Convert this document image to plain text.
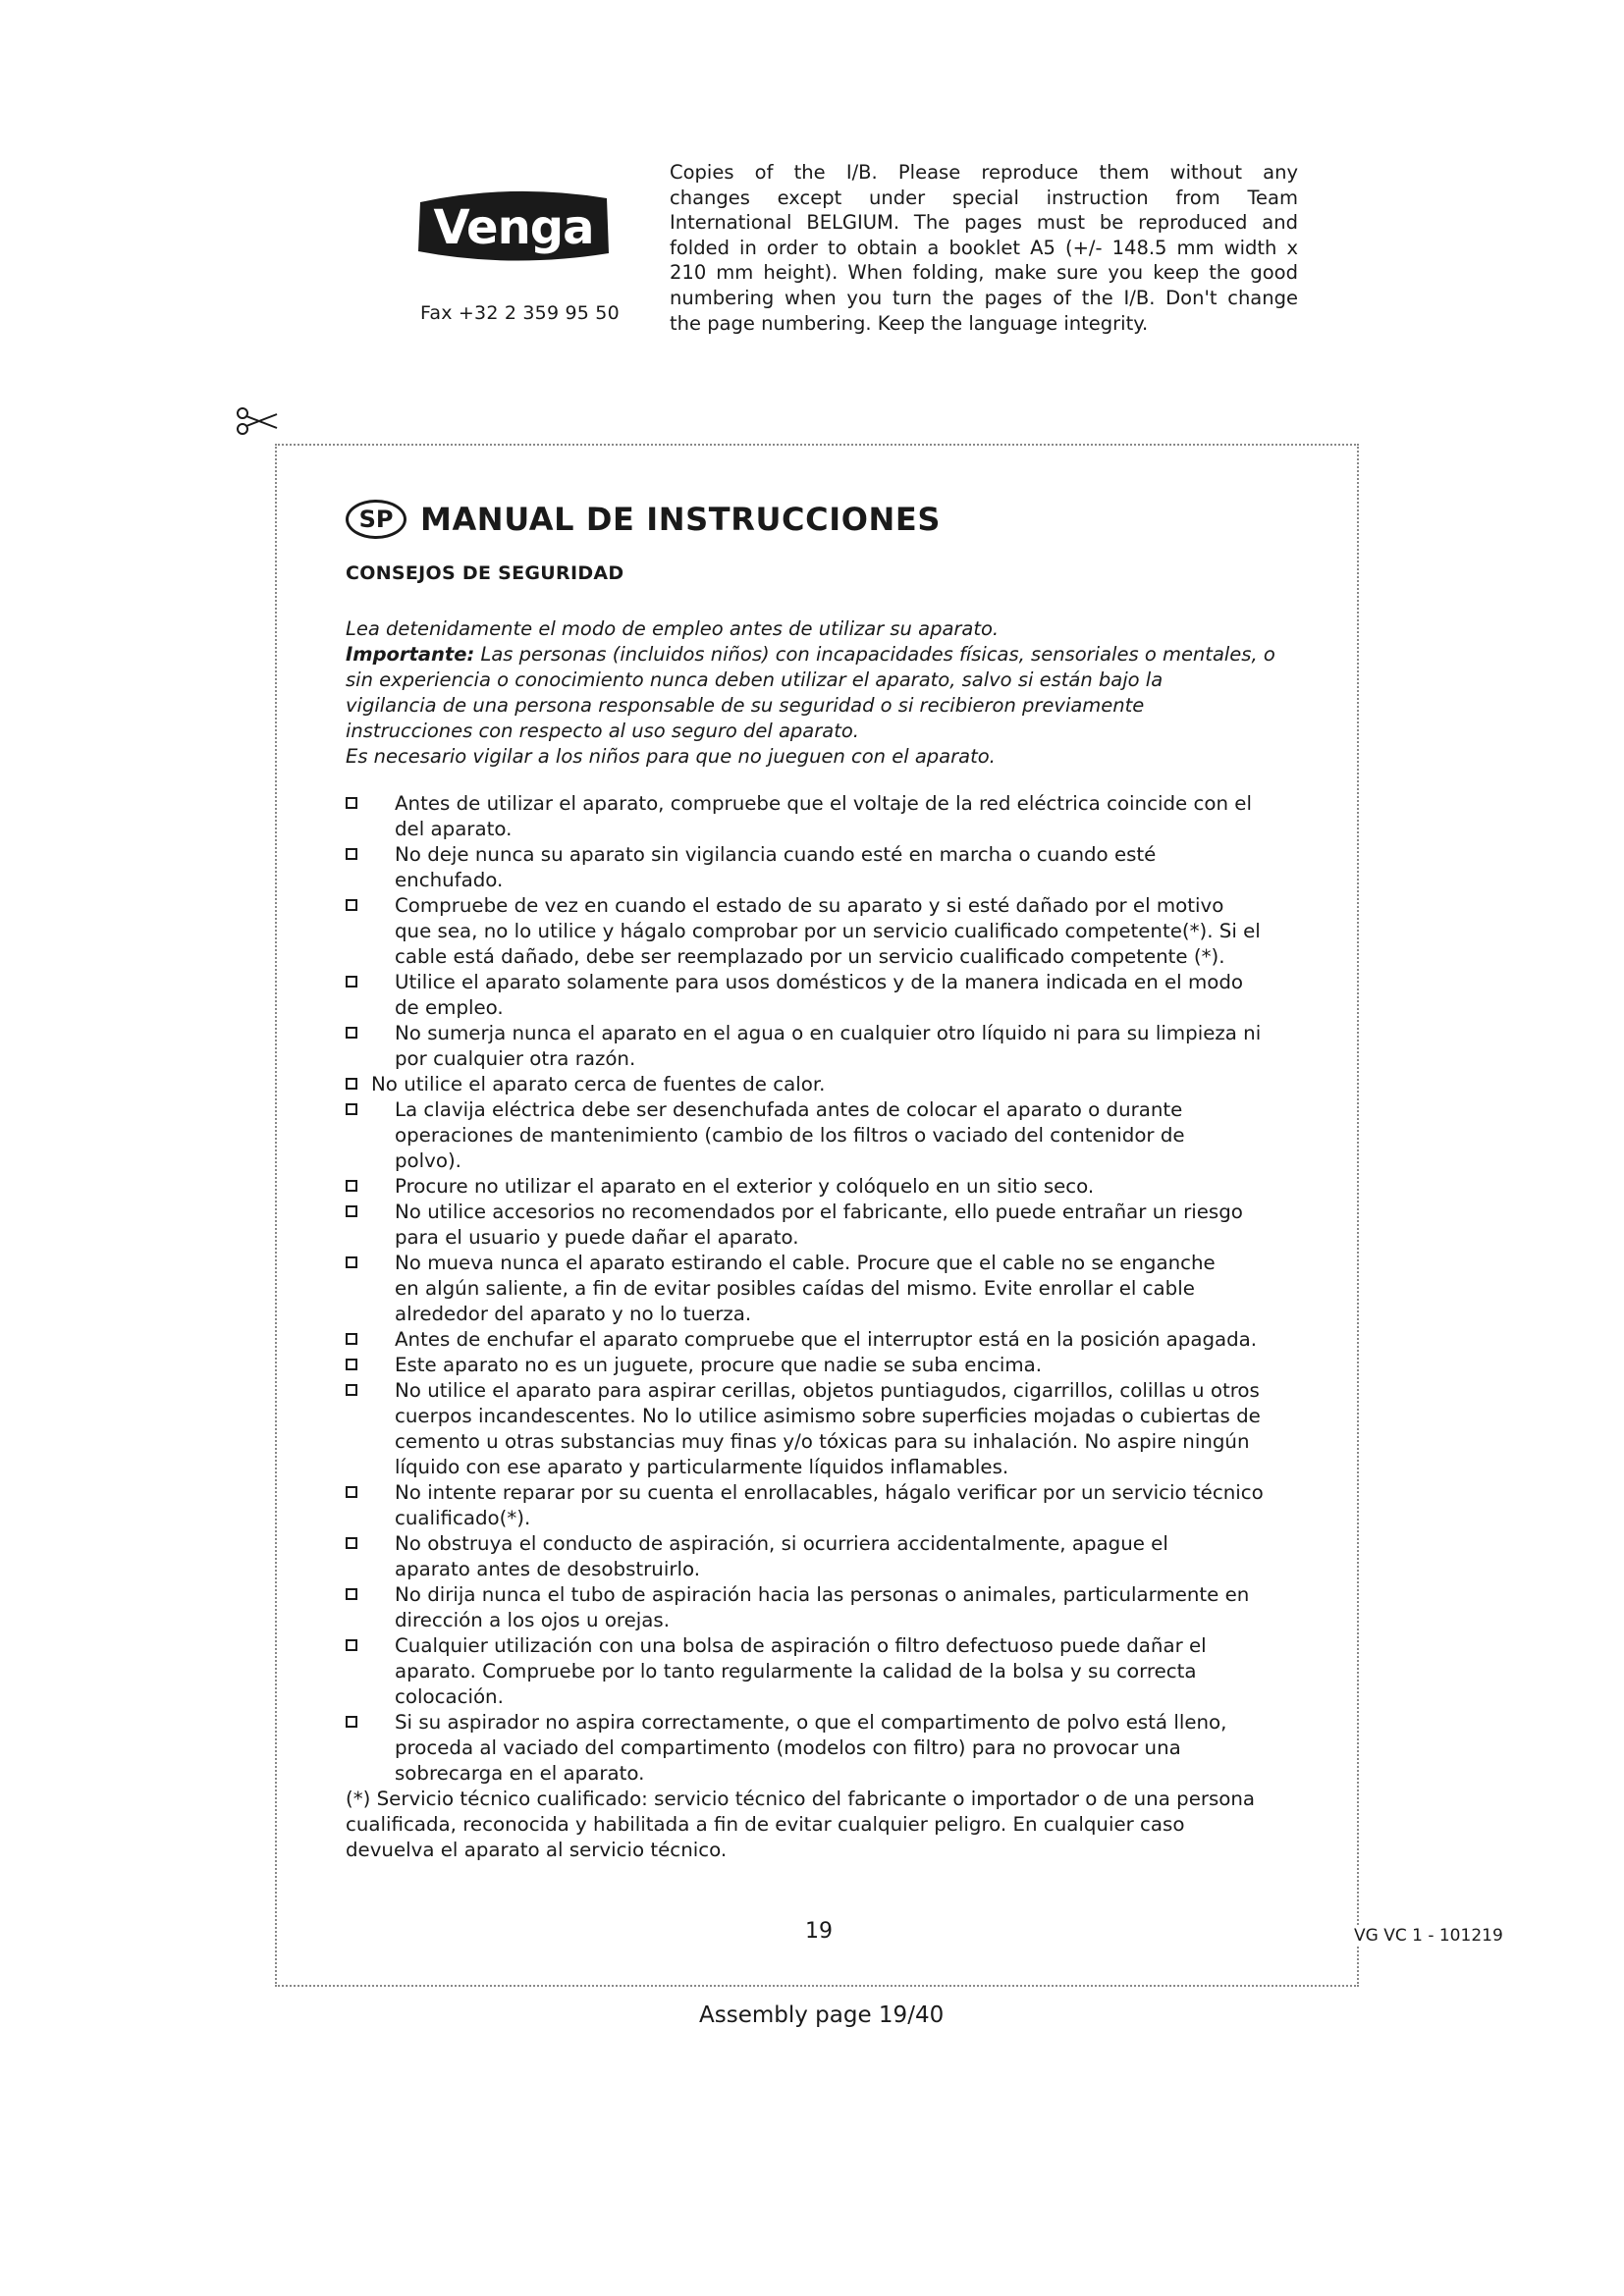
Venga
Fax +32 2 359 95 50
Copies of the I/B. Please reproduce them without any
changes except under special instruction from Team
International BELGIUM. The pages must be reproduced and
folded in order to obtain a booklet A5 (+/- 148.5 mm width x
210 mm height). When folding, make sure you keep the good
numbering when you turn the pages of the I/B. Don't change
the page numbering. Keep the language integrity.
SP MANUAL DE INSTRUCCIONES
CONSEJOS DE SEGURIDAD
Lea detenidamente el modo de empleo antes de utilizar su aparato.
Importante: Las personas (incluidos niños) con incapacidades físicas, sensoriales o mentales, o
sin experiencia o conocimiento nunca deben utilizar el aparato, salvo si están bajo la
vigilancia de una persona responsable de su seguridad o si recibieron previamente
instrucciones con respecto al uso seguro del aparato.
Es necesario vigilar a los niños para que no jueguen con el aparato.
Antes de utilizar el aparato, compruebe que el voltaje de la red eléctrica coincide con el
del aparato.
No deje nunca su aparato sin vigilancia cuando esté en marcha o cuando esté
enchufado.
Compruebe de vez en cuando el estado de su aparato y si esté dañado por el motivo
que sea, no lo utilice y hágalo comprobar por un servicio cualificado competente(*). Si el
cable está dañado, debe ser reemplazado por un servicio cualificado competente (*).
Utilice el aparato solamente para usos domésticos y de la manera indicada en el modo
de empleo.
No sumerja nunca el aparato en el agua o en cualquier otro líquido ni para su limpieza ni
por cualquier otra razón.
No utilice el aparato cerca de fuentes de calor.
La clavija eléctrica debe ser desenchufada antes de colocar el aparato o durante
operaciones de mantenimiento (cambio de los filtros o vaciado del contenidor de
polvo).
Procure no utilizar el aparato en el exterior y colóquelo en un sitio seco.
No utilice accesorios no recomendados por el fabricante, ello puede entrañar un riesgo
para el usuario y puede dañar el aparato.
No mueva nunca el aparato estirando el cable. Procure que el cable no se enganche
en algún saliente, a fin de evitar posibles caídas del mismo. Evite enrollar el cable
alrededor del aparato y no lo tuerza.
Antes de enchufar el aparato compruebe que el interruptor está en la posición apagada.
Este aparato no es un juguete, procure que nadie se suba encima.
No utilice el aparato para aspirar cerillas, objetos puntiagudos, cigarrillos, colillas u otros
cuerpos incandescentes. No lo utilice asimismo sobre superficies mojadas o cubiertas de
cemento u otras substancias muy finas y/o tóxicas para su inhalación. No aspire ningún
líquido con ese aparato y particularmente líquidos inflamables.
No intente reparar por su cuenta el enrollacables, hágalo verificar por un servicio técnico
cualificado(*).
No obstruya el conducto de aspiración, si ocurriera accidentalmente, apague el
aparato antes de desobstruirlo.
No dirija nunca el tubo de aspiración hacia las personas o animales, particularmente en
dirección a los ojos u orejas.
Cualquier utilización con una bolsa de aspiración o filtro defectuoso puede dañar el
aparato. Compruebe por lo tanto regularmente la calidad de la bolsa y su correcta
colocación.
Si su aspirador no aspira correctamente, o que el compartimento de polvo está lleno,
proceda al vaciado del compartimento (modelos con filtro) para no provocar una
sobrecarga en el aparato.
(*) Servicio técnico cualificado: servicio técnico del fabricante o importador o de una persona
cualificada, reconocida y habilitada a fin de evitar cualquier peligro. En cualquier caso
devuelva el aparato al servicio técnico.
19	VG VC 1 - 101219
Assembly page 19/40
